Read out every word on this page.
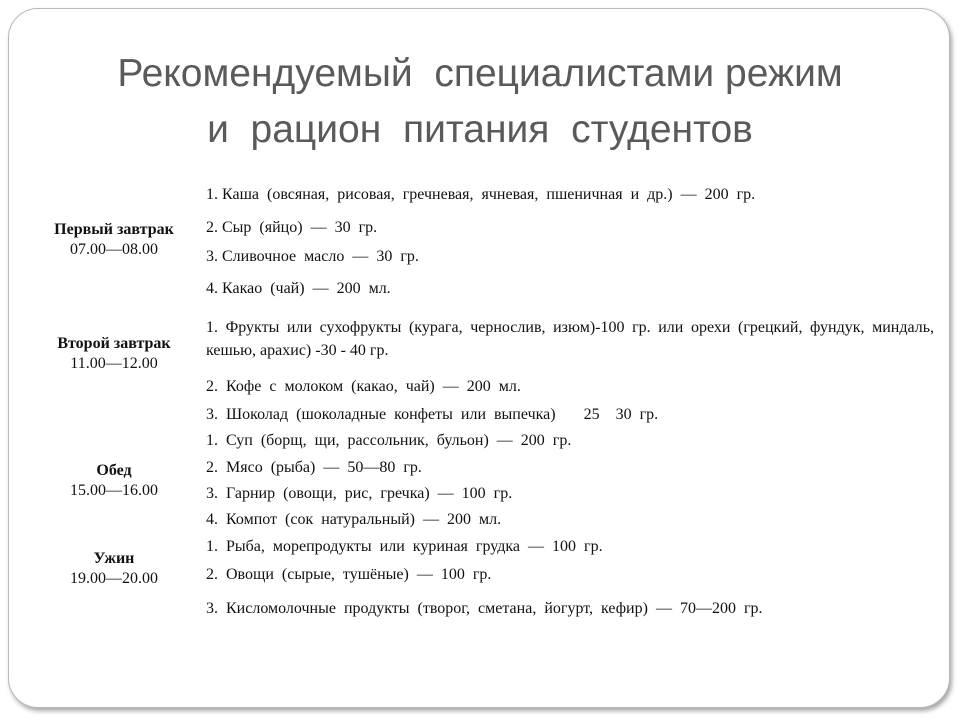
Рекомендуемый  специалистами режим
и  рацион  питания  студентов
Первый завтрак
07.00—08.00
1. Каша  (овсяная,  рисовая,  гречневая,  ячневая,  пшеничная  и  др.)  —  200  гр.
2. Сыр  (яйцо)  —  30  гр.
3. Сливочное  масло  —  30  гр.
4. Какао  (чай)  —  200  мл.
Второй завтрак
11.00—12.00
1. Фрукты или сухофрукты (курага, чернослив, изюм)-100 гр. или орехи (грецкий, фундук, миндаль, кешью, арахис) -30 - 40 гр.
2.  Кофе  с  молоком  (какао,  чай)  —  200  мл.
3.  Шоколад  (шоколадные  конфеты  или  выпечка)       25    30  гр.
Обед
15.00—16.00
1.  Суп  (борщ,  щи,  рассольник,  бульон)  —  200  гр.
2.  Мясо  (рыба)  —  50—80  гр.
3.  Гарнир  (овощи,  рис,  гречка)  —  100  гр.
4.  Компот  (сок  натуральный)  —  200  мл.
Ужин
19.00—20.00
1.  Рыба,  морепродукты  или  куриная  грудка  —  100  гр.
2.  Овощи  (сырые,  тушёные)  —  100  гр.
3.  Кисломолочные  продукты  (творог,  сметана,  йогурт,  кефир)  —  70—200  гр.
